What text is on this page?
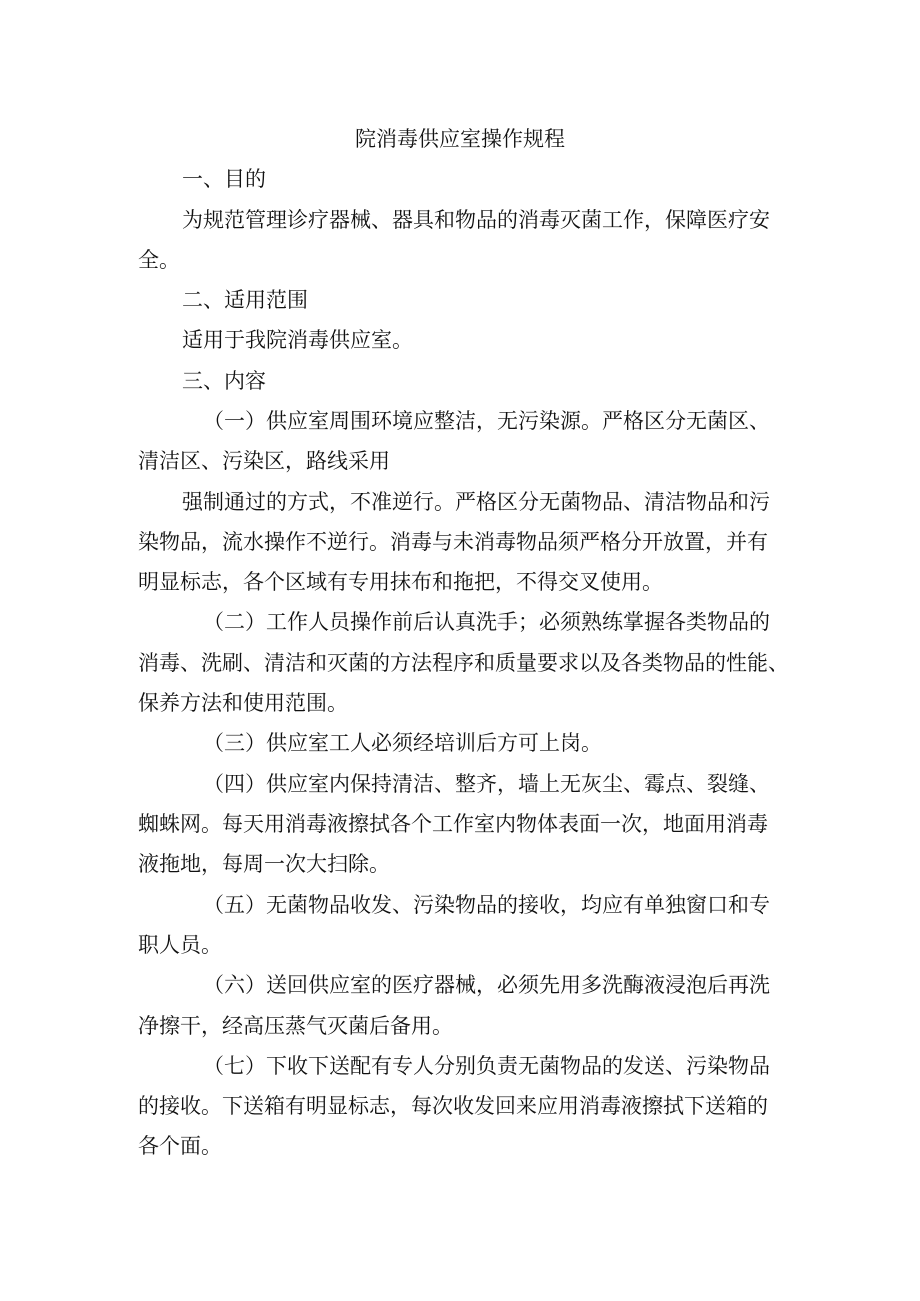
院消毒供应室操作规程
一、目的
为规范管理诊疗器械、器具和物品的消毒灭菌工作，保障医疗安
全。
二、适用范围
适用于我院消毒供应室。
三、内容
（一）供应室周围环境应整洁，无污染源。严格区分无菌区、
清洁区、污染区，路线采用
强制通过的方式，不准逆行。严格区分无菌物品、清洁物品和污
染物品，流水操作不逆行。消毒与未消毒物品须严格分开放置，并有
明显标志，各个区域有专用抹布和拖把，不得交叉使用。
（二）工作人员操作前后认真洗手；必须熟练掌握各类物品的
消毒、洗刷、清洁和灭菌的方法程序和质量要求以及各类物品的性能、
保养方法和使用范围。
（三）供应室工人必须经培训后方可上岗。
（四）供应室内保持清洁、整齐，墙上无灰尘、霉点、裂缝、
蜘蛛网。每天用消毒液擦拭各个工作室内物体表面一次，地面用消毒
液拖地，每周一次大扫除。
（五）无菌物品收发、污染物品的接收，均应有单独窗口和专
职人员。
（六）送回供应室的医疗器械，必须先用多洗酶液浸泡后再洗
净擦干，经高压蒸气灭菌后备用。
（七）下收下送配有专人分别负责无菌物品的发送、污染物品
的接收。下送箱有明显标志，每次收发回来应用消毒液擦拭下送箱的
各个面。
